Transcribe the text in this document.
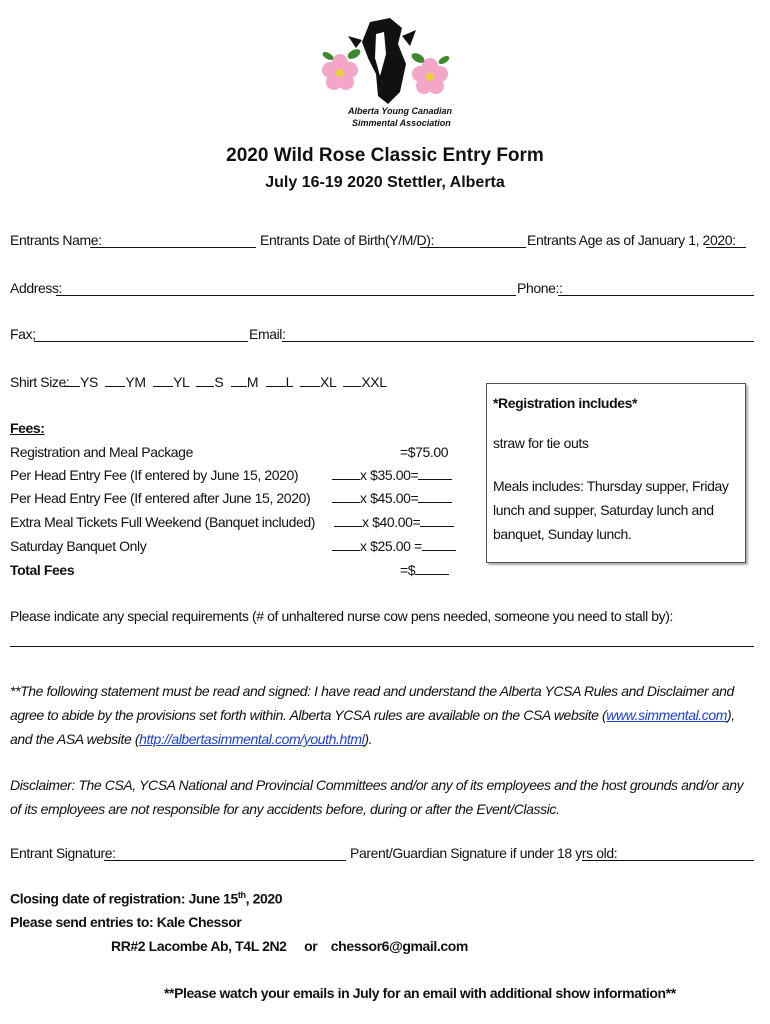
Alberta Young Canadian
Simmental Association
2020 Wild Rose Classic Entry Form
July 16-19 2020 Stettler, Alberta
Entrants Name:	Entrants Date of Birth(Y/M/D):	Entrants Age as of January 1, 2020:
Address:	Phone::
Fax;	Email:
Shirt Size: YS YM YL S M L XL XXL
Fees:
Registration and Meal Package	=$75.00
Per Head Entry Fee (If entered by June 15, 2020)	x $35.00=
Per Head Entry Fee (If entered after June 15, 2020)	x $45.00=
Extra Meal Tickets Full Weekend (Banquet included)	x $40.00=
Saturday Banquet Only	x $25.00 =
Total Fees	=$
*Registration includes*
straw for tie outs
Meals includes: Thursday supper, Friday lunch and supper, Saturday lunch and banquet, Sunday lunch.
Please indicate any special requirements (# of unhaltered nurse cow pens needed, someone you need to stall by):
**The following statement must be read and signed: I have read and understand the Alberta YCSA Rules and Disclaimer and agree to abide by the provisions set forth within. Alberta YCSA rules are available on the CSA website (www.simmental.com), and the ASA website (http://albertasimmental.com/youth.html).
Disclaimer: The CSA, YCSA National and Provincial Committees and/or any of its employees and the host grounds and/or any of its employees are not responsible for any accidents before, during or after the Event/Classic.
Entrant Signature:	Parent/Guardian Signature if under 18 yrs old:
Closing date of registration: June 15th, 2020
Please send entries to: Kale Chessor
RR#2 Lacombe Ab, T4L 2N2 or chessor6@gmail.com
**Please watch your emails in July for an email with additional show information**
